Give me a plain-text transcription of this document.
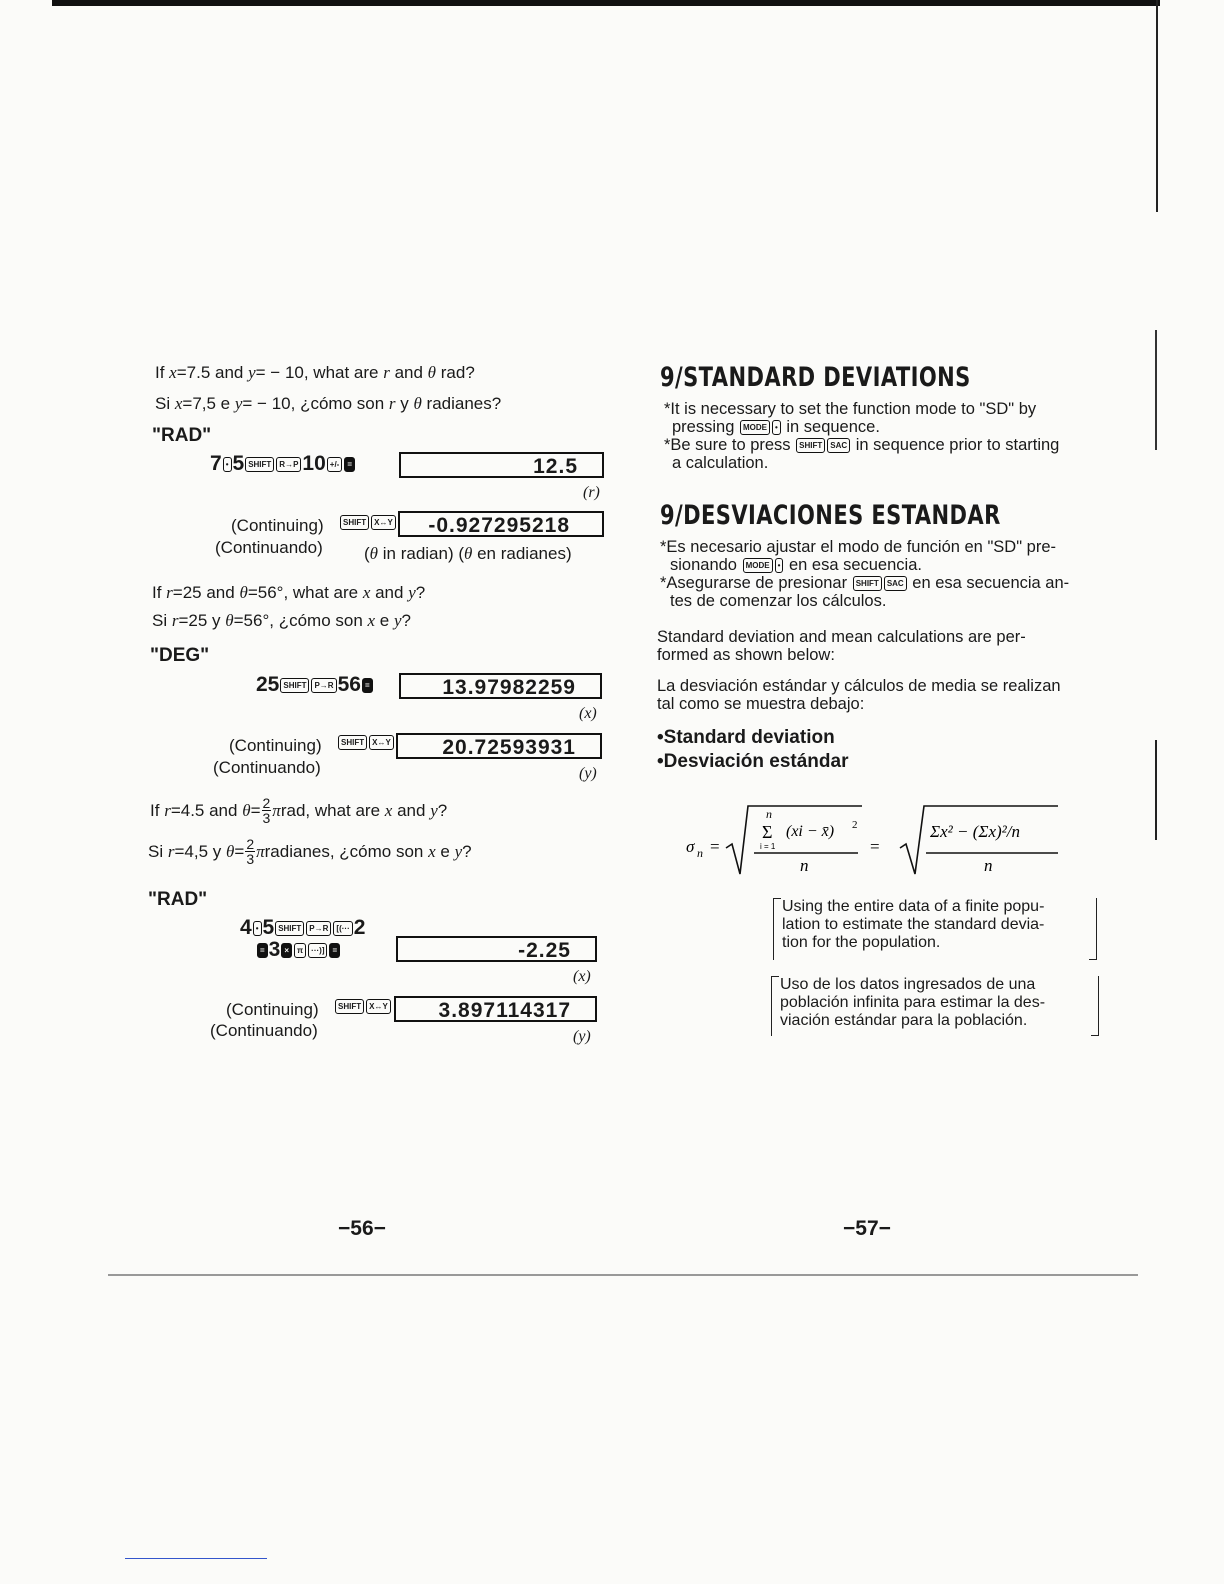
If x=7.5 and y= − 10, what are r and θ rad?
Si x=7,5 e y= − 10, ¿cómo son r y θ radianes?
"RAD"
7 • 5 SHIFT	R→P 10 +/-	=	12.5
(r)
(Continuing)	SHIFT	X↔Y	-0.927295218
(Continuando) (θ in radian) (θ en radianes)
If r=25 and θ=56°, what are x and y?
Si r=25 y θ=56°, ¿cómo son x e y?
"DEG"
25 SHIFT	P→R 56 =	13.97982259
(x)
(Continuing)	SHIFT	X↔Y	20.72593931
(Continuando)	(y)
If
r =4.5 and
$\theta = \frac{2}{3}$ π rad, what are
x
and
y ?
Si
r =4,5 y
$\theta = \frac{2}{3}$ π radianes, ¿cómo son
x
e
y ?
"RAD"
4 • 5 SHIFT	P→R	[(··· 2
= 3 ×	π	···)]	=	-2.25
(x)
(Continuing)	SHIFT	X↔Y	3.897114317
(Continuando)	(y)
−56−
9/STANDARD DEVIATIONS
*It is necessary to set the function mode to "SD" by
pressing MODE • in sequence.
*Be sure to press SHIFT SAC in sequence prior to starting
a calculation.
9/DESVIACIONES ESTANDAR
*Es necesario ajustar el modo de función en "SD" pre-
sionando MODE • en esa secuencia.
*Asegurarse de presionar SHIFT SAC en esa secuencia an-
tes de comenzar los cálculos.
Standard deviation and mean calculations are per-
formed as shown below:
La desviación estándar y cálculos de media se realizan
tal como se muestra debajo:
•Standard deviation
•Desviación estándar
σ n =
n
Σ
i = 1
(xi − x̄) 2
n
=
Σx² − (Σx)²/n
n
Using the entire data of a finite popu-
lation to estimate the standard devia-
tion for the population.
Uso de los datos ingresados de una
población infinita para estimar la des-
viación estándar para la población.
−57−
